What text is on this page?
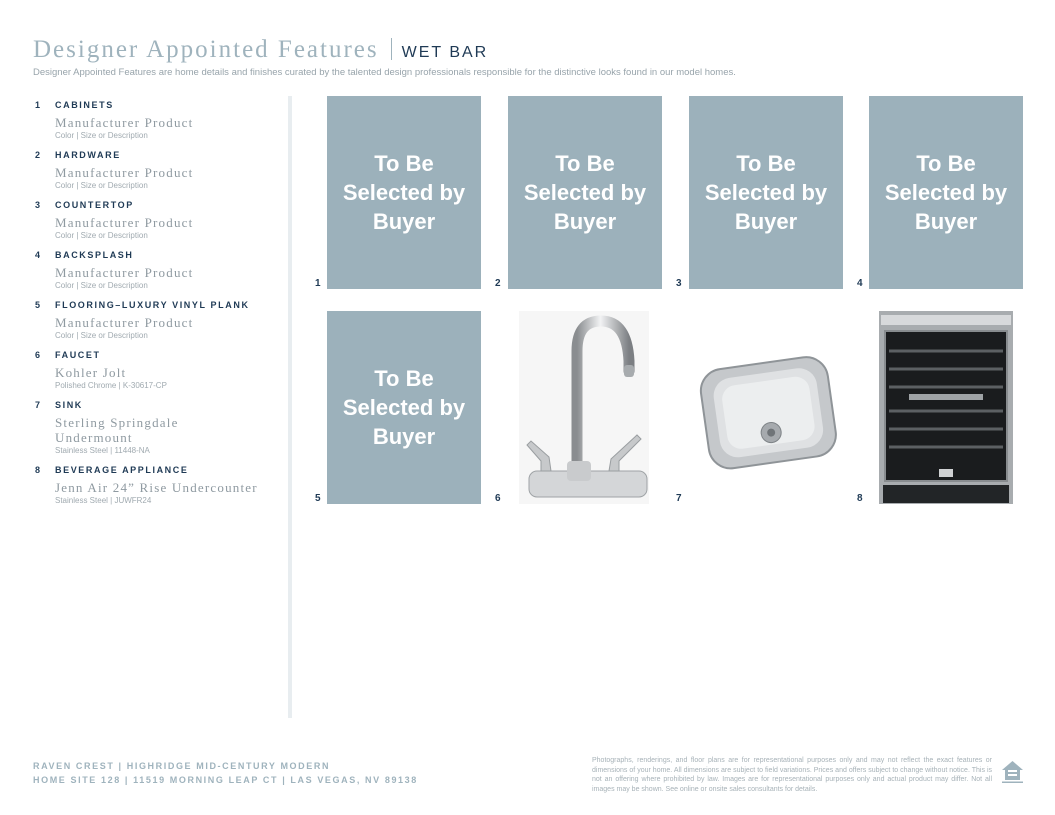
Designer Appointed Features WET BAR
Designer Appointed Features are home details and finishes curated by the talented design professionals responsible for the distinctive looks found in our model homes.
1	CABINETS
Manufacturer Product
Color | Size or Description
2	HARDWARE
Manufacturer Product
Color | Size or Description
3	COUNTERTOP
Manufacturer Product
Color | Size or Description
4	BACKSPLASH
Manufacturer Product
Color | Size or Description
5	FLOORING–LUXURY VINYL PLANK
Manufacturer Product
Color | Size or Description
6	FAUCET
Kohler Jolt
Polished Chrome | K-30617-CP
7	SINK
Sterling Springdale Undermount
Stainless Steel | 11448-NA
8	BEVERAGE APPLIANCE
Jenn Air 24” Rise Undercounter
Stainless Steel | JUWFR24
1
To Be Selected by Buyer
2
To Be Selected by Buyer
3
To Be Selected by Buyer
4
To Be Selected by Buyer
5
To Be Selected by Buyer
6	7	8
RAVEN CREST | HIGHRIDGE MID-CENTURY MODERN
HOME SITE 128 | 11519 MORNING LEAP CT | LAS VEGAS, NV 89138
Photographs, renderings, and floor plans are for representational purposes only and may not reflect the exact features or dimensions of your home. All dimensions are subject to field variations. Prices and offers subject to change without notice. This is not an offering where prohibited by law. Images are for representational purposes only and actual product may differ. Not all images may be shown. See online or onsite sales consultants for details.
